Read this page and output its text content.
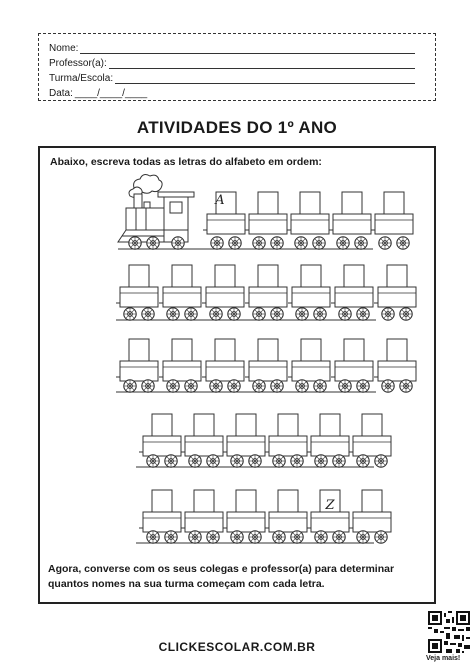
Nome:
Professor(a):
Turma/Escola:
Data: ____/____/____
ATIVIDADES DO 1º ANO
Abaixo, escreva todas as letras do alfabeto em ordem:
A
Z
Agora, converse com os seus colegas e professor(a) para determinar
quantos nomes na sua turma começam com cada letra.
CLICKESCOLAR.COM.BR
Veja mais!
